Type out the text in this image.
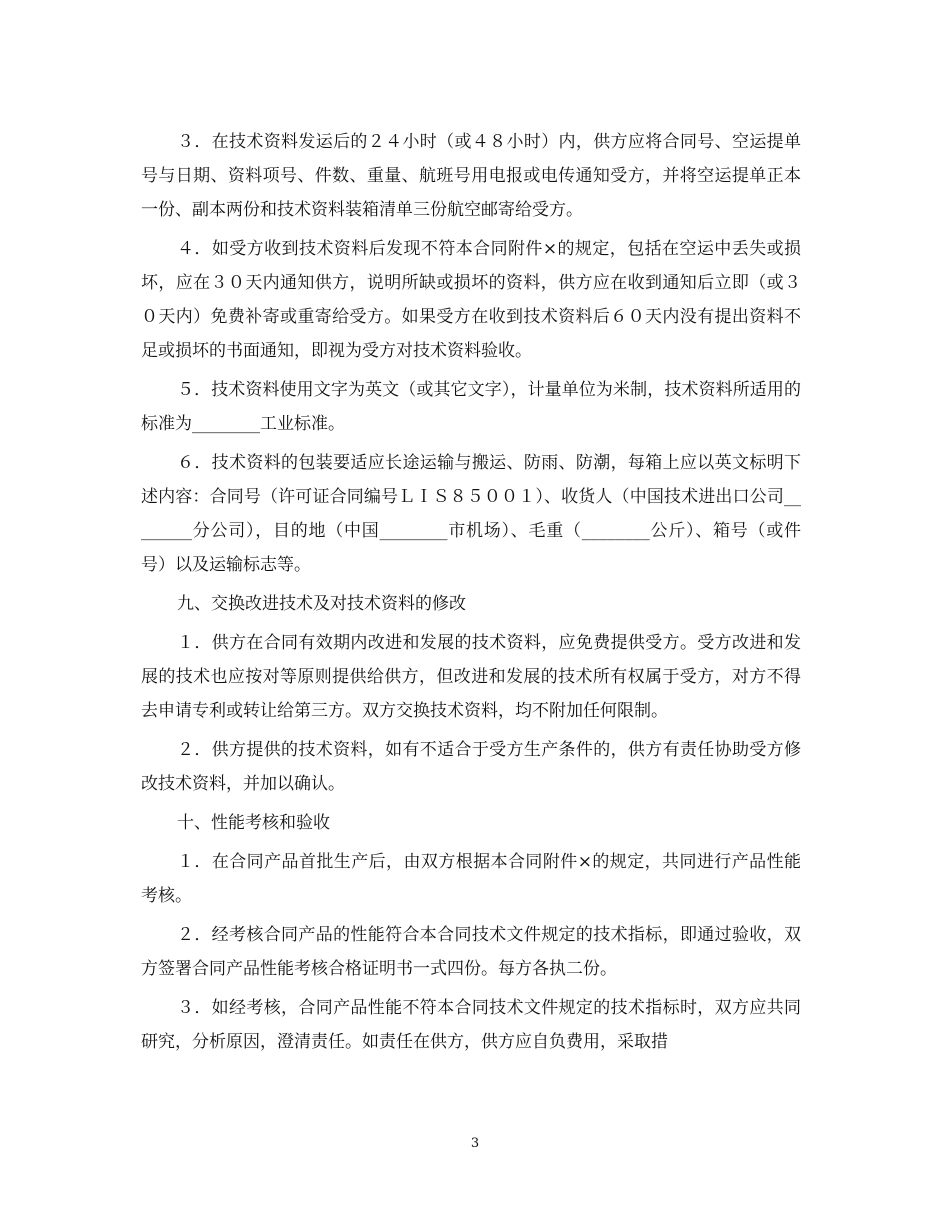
３．在技术资料发运后的２４小时（或４８小时）内，供方应将合同号、空运提单号与日期、资料项号、件数、重量、航班号用电报或电传通知受方，并将空运提单正本一份、副本两份和技术资料装箱清单三份航空邮寄给受方。

４．如受方收到技术资料后发现不符本合同附件×的规定，包括在空运中丢失或损坏，应在３０天内通知供方，说明所缺或损坏的资料，供方应在收到通知后立即（或３０天内）免费补寄或重寄给受方。如果受方在收到技术资料后６０天内没有提出资料不足或损坏的书面通知，即视为受方对技术资料验收。

５．技术资料使用文字为英文（或其它文字），计量单位为米制，技术资料所适用的标准为________工业标准。

６．技术资料的包装要适应长途运输与搬运、防雨、防潮，每箱上应以英文标明下述内容：合同号（许可证合同编号ＬＩＳ８５００１）、收货人（中国技术进出口公司________分公司），目的地（中国________市机场）、毛重（________公斤）、箱号（或件号）以及运输标志等。

九、交换改进技术及对技术资料的修改

１．供方在合同有效期内改进和发展的技术资料，应免费提供受方。受方改进和发展的技术也应按对等原则提供给供方，但改进和发展的技术所有权属于受方，对方不得去申请专利或转让给第三方。双方交换技术资料，均不附加任何限制。

２．供方提供的技术资料，如有不适合于受方生产条件的，供方有责任协助受方修改技术资料，并加以确认。

十、性能考核和验收

１．在合同产品首批生产后，由双方根据本合同附件×的规定，共同进行产品性能考核。

２．经考核合同产品的性能符合本合同技术文件规定的技术指标，即通过验收，双方签署合同产品性能考核合格证明书一式四份。每方各执二份。

３．如经考核，合同产品性能不符本合同技术文件规定的技术指标时，双方应共同研究，分析原因，澄清责任。如责任在供方，供方应自负费用，采取措

3
